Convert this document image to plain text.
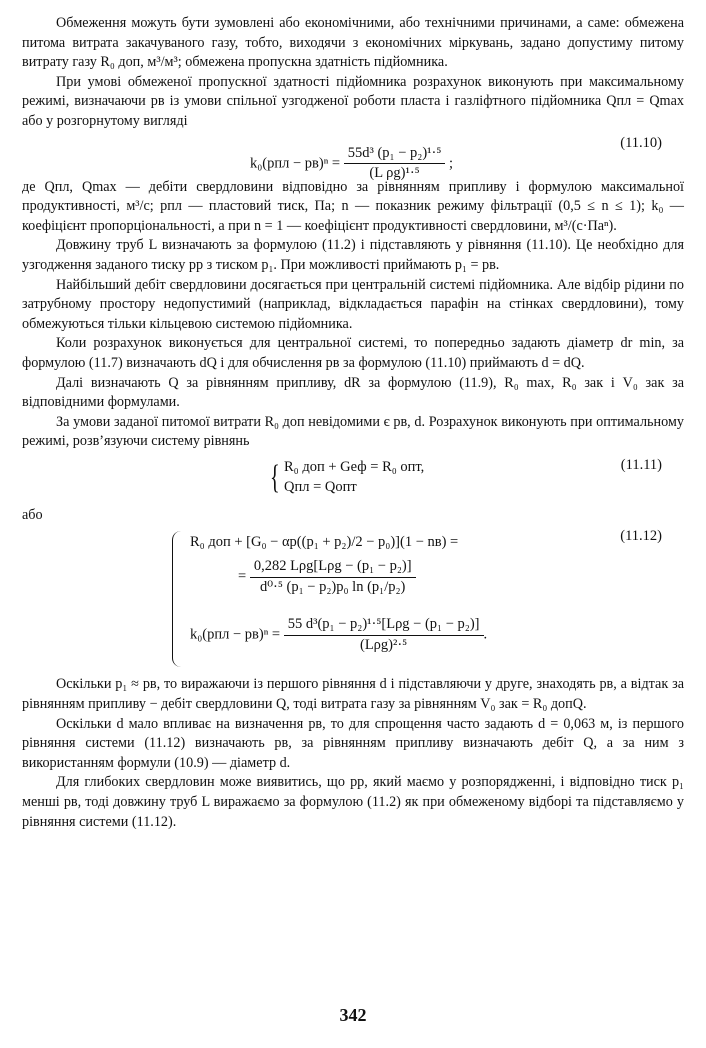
Обмеження можуть бути зумовлені або економічними, або технічними причинами, а саме: обмежена питома витрата закачуваного газу, тобто, виходячи з економічних міркувань, задано допустиму питому витрату газу R₀ доп, м³/м³; обмежена пропускна здатність підйомника.

При умові обмеженої пропускної здатності підйомника розрахунок виконують при максимальному режимі, визначаючи pв із умови спільної узгодженої роботи пласта і газліфтного підйомника Qпл = Qmax або у розгорнутому вигляді

$k_0(pпл - pв)^n = \frac{\text{55d³ (p₁ − p₂)¹·⁵}}{\text{(L ρg)¹·⁵}}$ ;
(11.10)

де Qпл, Qmax — дебіти свердловини відповідно за рівнянням припливу і формулою максимальної продуктивності, м³/с; pпл — пластовий тиск, Па; n — показник режиму фільтрації (0,5 ≤ n ≤ 1); k₀ — коефіцієнт пропорціональності, а при n = 1 — коефіцієнт продуктивності свердловини, м³/(с·Паⁿ).

Довжину труб L визначають за формулою (11.2) і підставляють у рівняння (11.10). Це необхідно для узгодження заданого тиску pр з тиском p₁. При можливості приймають p₁ = pв.

Найбільший дебіт свердловини досягається при центральній системі підйомника. Але відбір рідини по затрубному простору недопустимий (наприклад, відкладається парафін на стінках свердловини), тому обмежуються тільки кільцевою системою підйомника.

Коли розрахунок виконується для центральної системі, то попередньо задають діаметр dr min, за формулою (11.7) визначають dQ і для обчислення pв за формулою (11.10) приймають d = dQ.

Далі визначають Q за рівнянням припливу, dR за формулою (11.9), R₀ max, R₀ зак і V₀ зак за відповідними формулами.

За умови заданої питомої витрати R₀ доп невідомими є pв, d. Розрахунок виконують при оптимальному режимі, розв’язуючи систему рівнянь

{ R₀ доп + Gеф = R₀ опт,
Qпл = Qопт
(11.11)

або

R₀ доп + [G₀ − αр((p₁ + p₂)/2 − p₀)](1 − nв) =
= $\frac{\text{0,282 Lρg[Lρg − (p₁ − p₂)]}}{\text{d⁰·⁵ (p₁ − p₂)p₀ ln (p₁/p₂)}}$
$k_0(pпл - pв)^n = \frac{\text{55 d³(p₁ − p₂)¹·⁵[Lρg − (p₁ − p₂)]}}{\text{(Lρg)²·⁵}}$ .
(11.12)

Оскільки p₁ ≈ pв, то виражаючи із першого рівняння d і підставляючи у друге, знаходять pв, а відтак за рівнянням припливу − дебіт свердловини Q, тоді витрата газу за рівнянням V₀ зак = R₀ допQ.

Оскільки d мало впливає на визначення pв, то для спрощення часто задають d = 0,063 м, із першого рівняння системи (11.12) визначають pв, за рівнянням припливу визначають дебіт Q, а за ним з використанням формули (10.9) — діаметр d.

Для глибоких свердловин може виявитись, що pр, який маємо у розпорядженні, і відповідно тиск p₁ менші pв, тоді довжину труб L виражаємо за формулою (11.2) як при обмеженому відборі та підставляємо у рівняння системи (11.12).

342
